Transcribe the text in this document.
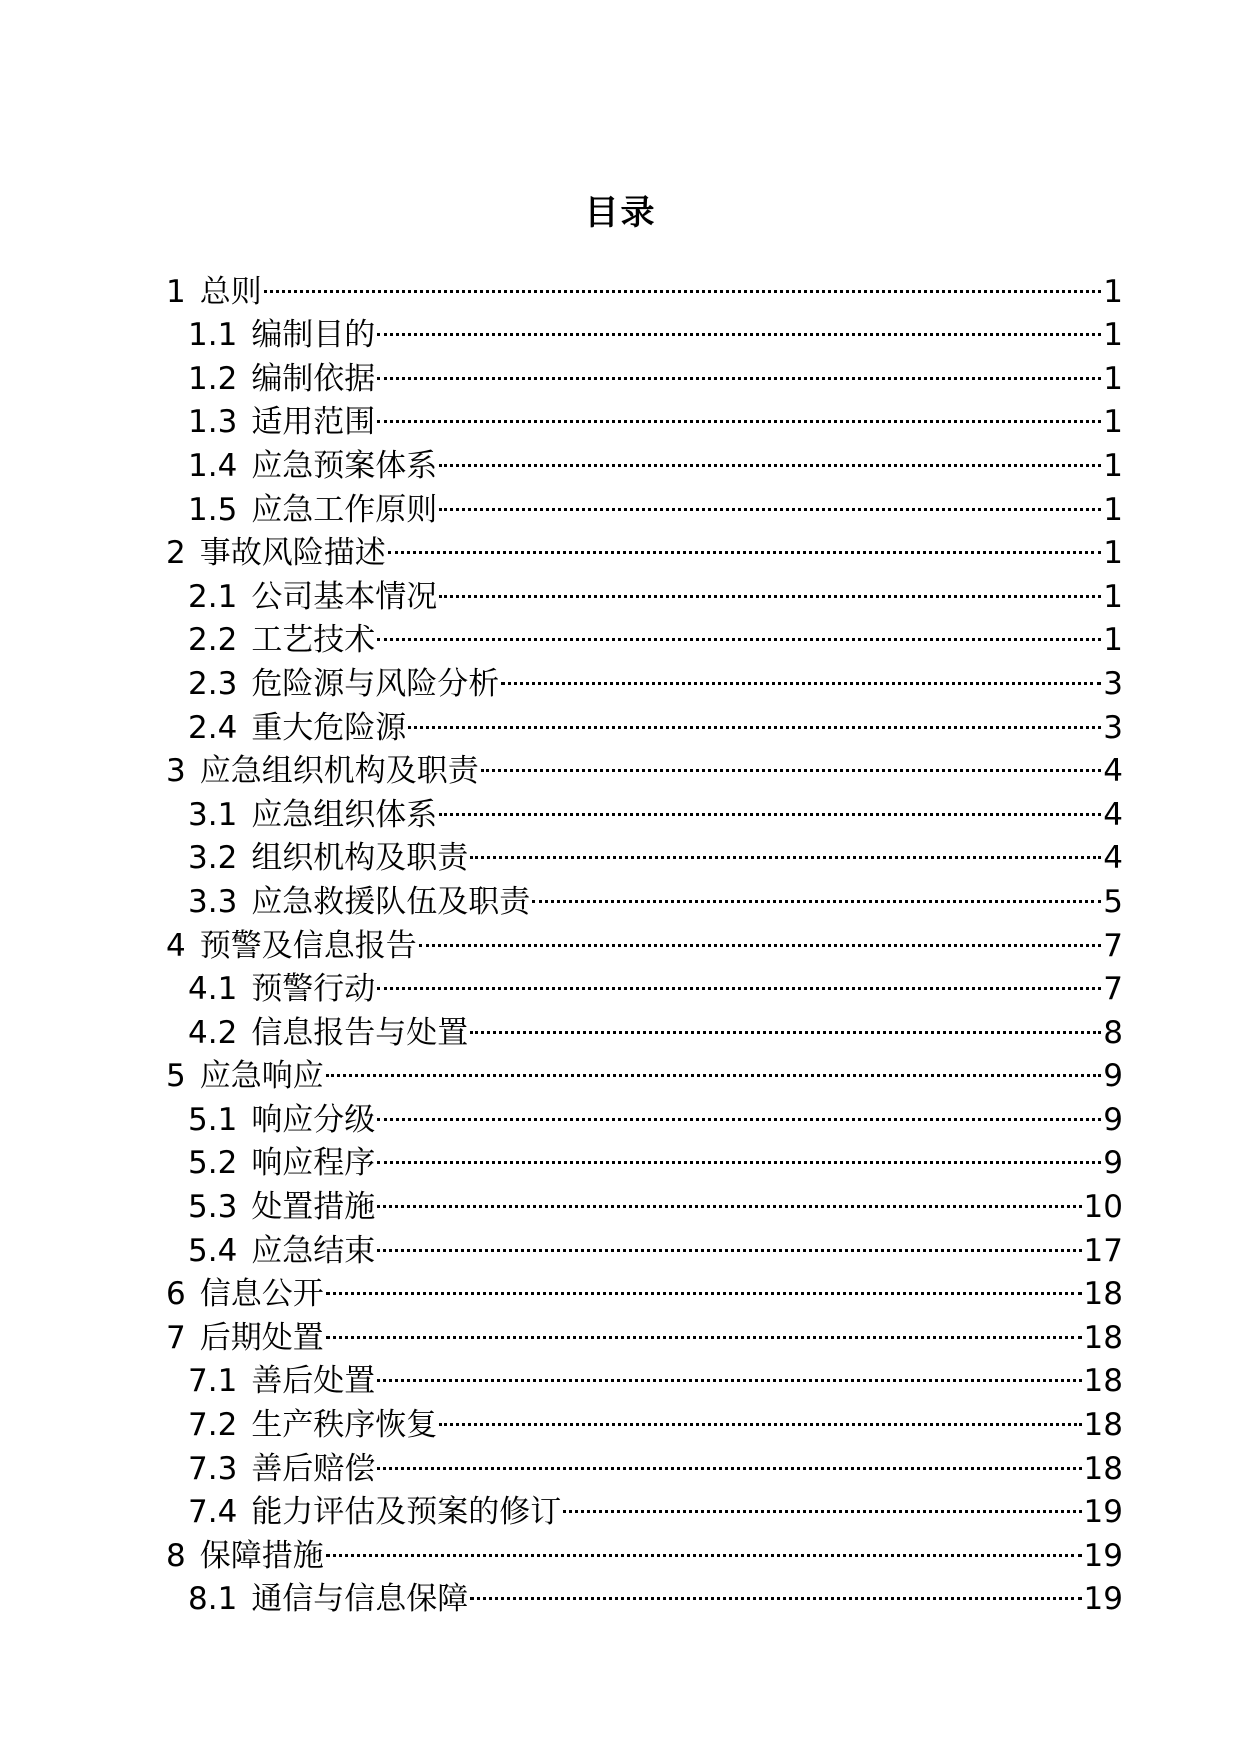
目录
1 总则	1
1.1 编制目的	1
1.2 编制依据	1
1.3 适用范围	1
1.4 应急预案体系	1
1.5 应急工作原则	1
2 事故风险描述	1
2.1 公司基本情况	1
2.2 工艺技术	1
2.3 危险源与风险分析	3
2.4 重大危险源	3
3 应急组织机构及职责	4
3.1 应急组织体系	4
3.2 组织机构及职责	4
3.3 应急救援队伍及职责	5
4 预警及信息报告	7
4.1 预警行动	7
4.2 信息报告与处置	8
5 应急响应	9
5.1 响应分级	9
5.2 响应程序	9
5.3 处置措施	10
5.4 应急结束	17
6 信息公开	18
7 后期处置	18
7.1 善后处置	18
7.2 生产秩序恢复	18
7.3 善后赔偿	18
7.4 能力评估及预案的修订	19
8 保障措施	19
8.1 通信与信息保障	19
